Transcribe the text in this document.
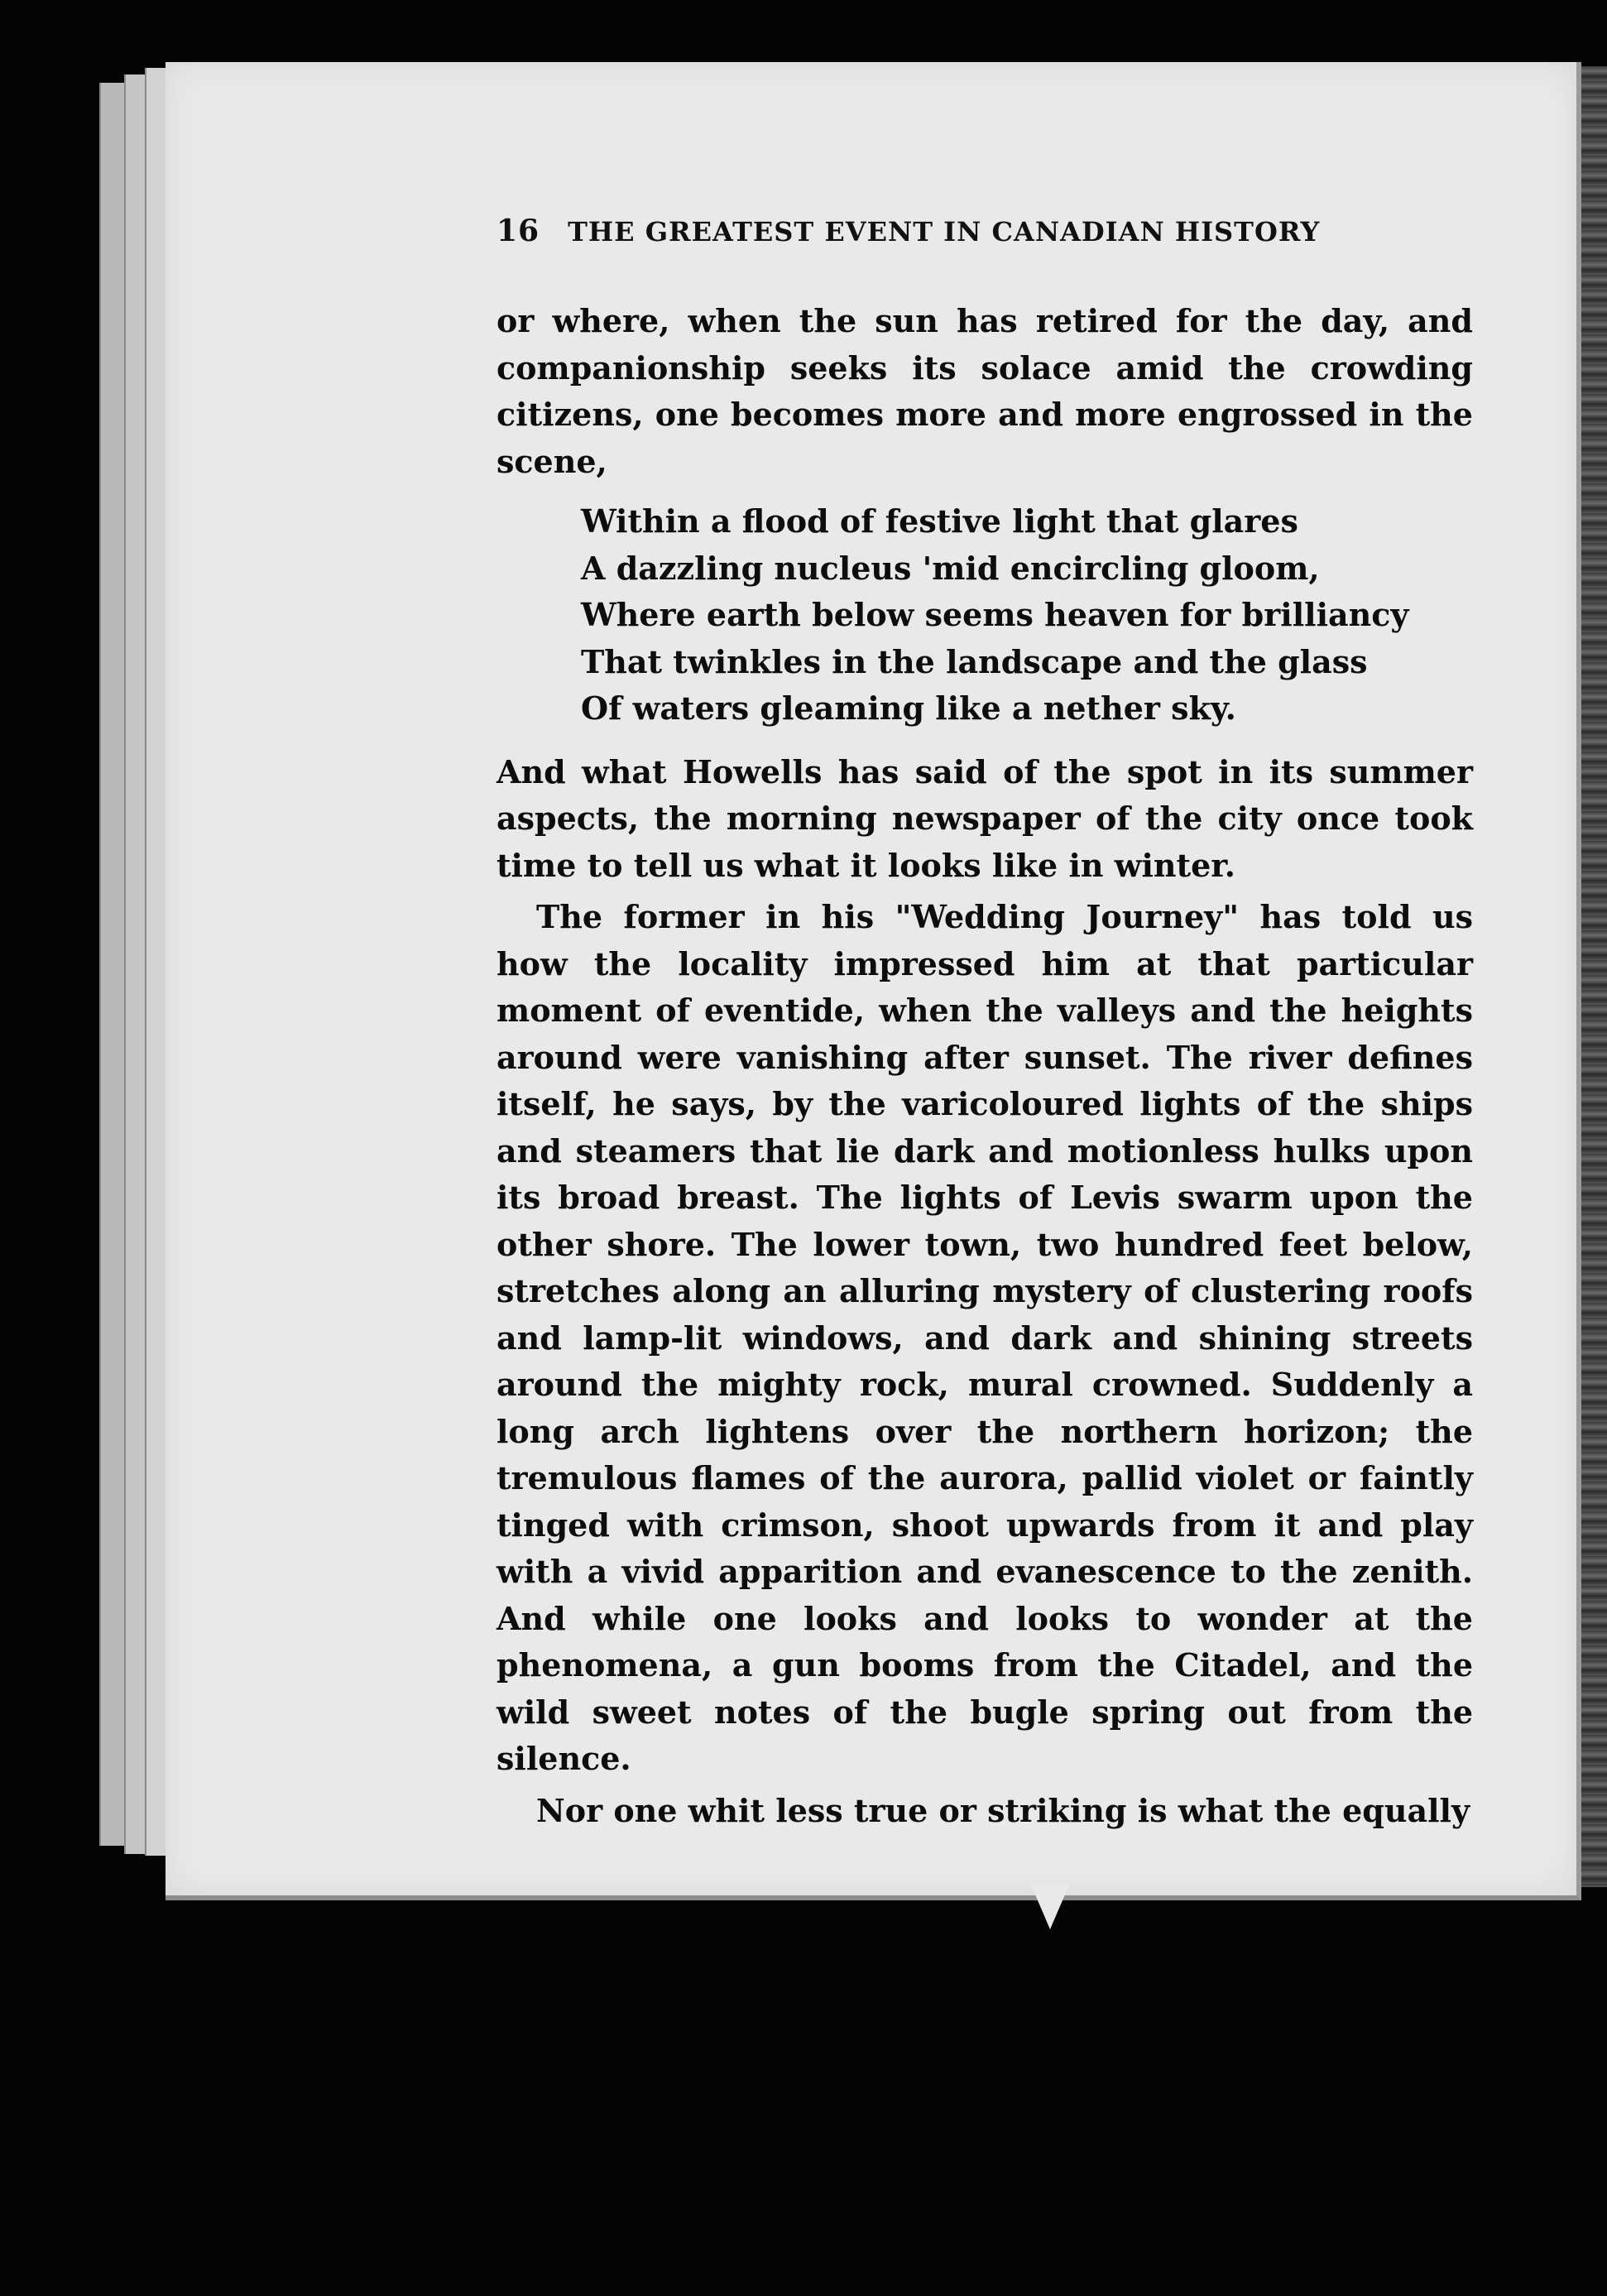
16 THE GREATEST EVENT IN CANADIAN HISTORY

or where, when the sun has retired for the day, and companionship seeks its solace amid the crowding citizens, one becomes more and more engrossed in the scene,

Within a flood of festive light that glares
A dazzling nucleus 'mid encircling gloom,
Where earth below seems heaven for brilliancy
That twinkles in the landscape and the glass
Of waters gleaming like a nether sky.

And what Howells has said of the spot in its summer aspects, the morning newspaper of the city once took time to tell us what it looks like in winter.

The former in his "Wedding Journey" has told us how the locality impressed him at that particular moment of eventide, when the valleys and the heights around were vanishing after sunset. The river defines itself, he says, by the varicoloured lights of the ships and steamers that lie dark and motionless hulks upon its broad breast. The lights of Levis swarm upon the other shore. The lower town, two hundred feet below, stretches along an alluring mystery of clustering roofs and lamp-lit windows, and dark and shining streets around the mighty rock, mural crowned. Suddenly a long arch lightens over the northern horizon; the tremulous flames of the aurora, pallid violet or faintly tinged with crimson, shoot upwards from it and play with a vivid apparition and evanescence to the zenith. And while one looks and looks to wonder at the phenomena, a gun booms from the Citadel, and the wild sweet notes of the bugle spring out from the silence.

Nor one whit less true or striking is what the equally
